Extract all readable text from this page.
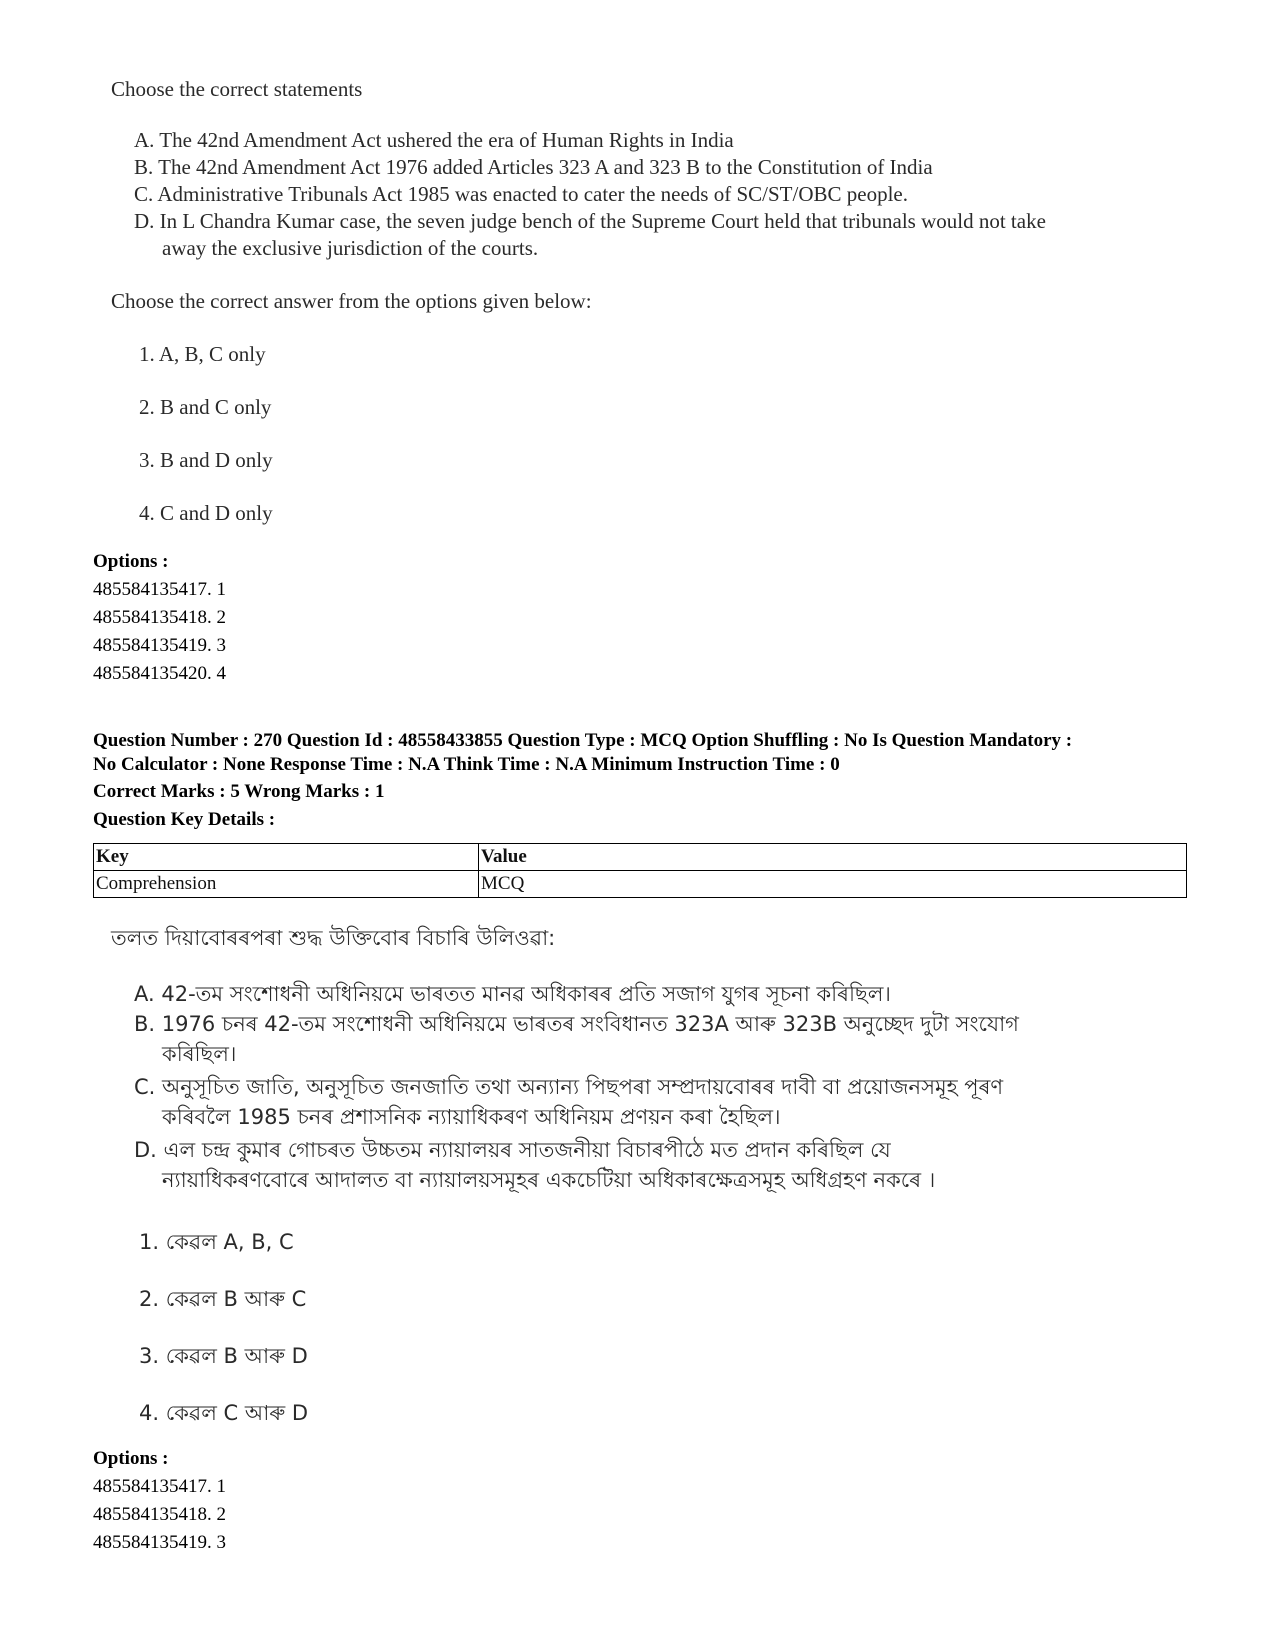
Choose the correct statements
A. The 42nd Amendment Act ushered the era of Human Rights in India
B. The 42nd Amendment Act 1976 added Articles 323 A and 323 B to the Constitution of India
C. Administrative Tribunals Act 1985 was enacted to cater the needs of SC/ST/OBC people.
D. In L Chandra Kumar case, the seven judge bench of the Supreme Court held that tribunals would not take
away the exclusive jurisdiction of the courts.
Choose the correct answer from the options given below:
1. A, B, C only
2. B and C only
3. B and D only
4. C and D only
Options :
485584135417. 1
485584135418. 2
485584135419. 3
485584135420. 4
Question Number : 270 Question Id : 48558433855 Question Type : MCQ Option Shuffling : No Is Question Mandatory :
No Calculator : None Response Time : N.A Think Time : N.A Minimum Instruction Time : 0
Correct Marks : 5 Wrong Marks : 1
Question Key Details :
Key	Value
Comprehension	MCQ
তলত দিয়াবোৰৰপৰা শুদ্ধ উক্তিবোৰ বিচাৰি উলিওৱা:
A. 42-তম সংশোধনী অধিনিয়মে ভাৰতত মানৱ অধিকাৰৰ প্ৰতি সজাগ যুগৰ সূচনা কৰিছিল।
B. 1976 চনৰ 42-তম সংশোধনী অধিনিয়মে ভাৰতৰ সংবিধানত 323A আৰু 323B অনুচ্ছেদ দুটা সংযোগ
কৰিছিল।
C. অনুসূচিত জাতি, অনুসূচিত জনজাতি তথা অন্যান্য পিছপৰা সম্প্ৰদায়বোৰৰ দাবী বা প্ৰয়োজনসমূহ পূৰণ
কৰিবলৈ 1985 চনৰ প্ৰশাসনিক ন্যায়াধিকৰণ অধিনিয়ম প্ৰণয়ন কৰা হৈছিল।
D. এল চন্দ্ৰ কুমাৰ গোচৰত উচ্চতম ন্যায়ালয়ৰ সাতজনীয়া বিচাৰপীঠে মত প্ৰদান কৰিছিল যে
ন্যায়াধিকৰণবোৰে আদালত বা ন্যায়ালয়সমূহৰ একচেটিয়া অধিকাৰক্ষেত্ৰসমূহ অধিগ্ৰহণ নকৰে ।
1. কেৱল A, B, C
2. কেৱল B আৰু C
3. কেৱল B আৰু D
4. কেৱল C আৰু D
Options :
485584135417. 1
485584135418. 2
485584135419. 3
